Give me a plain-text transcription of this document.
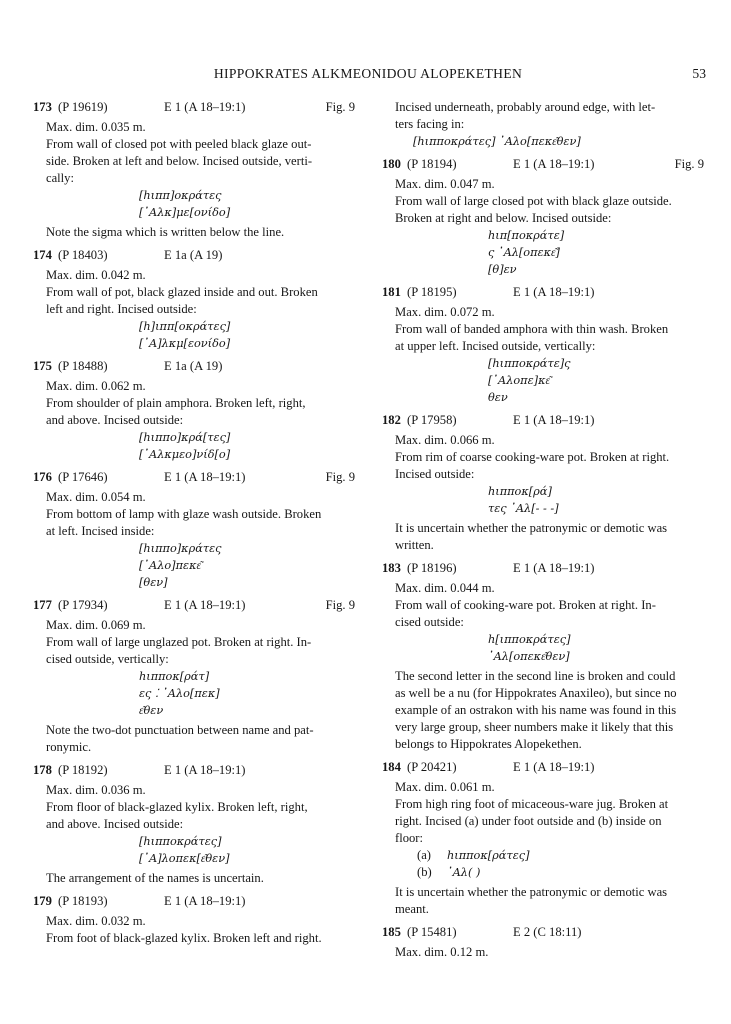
HIPPOKRATES ALKMEONIDOU ALOPEKETHEN	53
173 (P 19619)	E 1 (A 18–19:1)	Fig. 9
Max. dim. 0.035 m.
From wall of closed pot with peeled black glaze out-
side. Broken at left and below. Incised outside, verti-
cally:
[hιππ]οκράτες
[᾿Αλκ]με[ονίδο]
Note the sigma which is written below the line.
174 (P 18403)	E 1a (A 19)
Max. dim. 0.042 m.
From wall of pot, black glazed inside and out. Broken
left and right. Incised outside:
[h]ιππ[οκράτες]
[᾿Α]λκμ[εονίδο]
175 (P 18488)	E 1a (A 19)
Max. dim. 0.062 m.
From shoulder of plain amphora. Broken left, right,
and above. Incised outside:
[hιππο]κρά[τες]
[᾿Αλκμεο]νίδ[ο]
176 (P 17646)	E 1 (A 18–19:1)	Fig. 9
Max. dim. 0.054 m.
From bottom of lamp with glaze wash outside. Broken
at left. Incised inside:
[hιππο]κράτες
[᾿Αλο]πεκε͂
[θεν]
177 (P 17934)	E 1 (A 18–19:1)	Fig. 9
Max. dim. 0.069 m.
From wall of large unglazed pot. Broken at right. In-
cised outside, vertically:
hιπποκ[ράτ]
ες ⁚ ᾿Αλο[πεκ]
ε͂θεν
Note the two-dot punctuation between name and pat-
ronymic.
178 (P 18192)	E 1 (A 18–19:1)
Max. dim. 0.036 m.
From floor of black-glazed kylix. Broken left, right,
and above. Incised outside:
[hιπποκράτες]
[᾿Α]λοπεκ[ε͂θεν]
The arrangement of the names is uncertain.
179 (P 18193)	E 1 (A 18–19:1)
Max. dim. 0.032 m.
From foot of black-glazed kylix. Broken left and right.
Incised underneath, probably around edge, with let-
ters facing in:
[hιπποκράτες] ᾿Αλο[πεκε͂θεν]
180 (P 18194)	E 1 (A 18–19:1)	Fig. 9
Max. dim. 0.047 m.
From wall of large closed pot with black glaze outside.
Broken at right and below. Incised outside:
hιπ[ποκράτε]
ς ᾿Αλ[οπεκε͂]
[θ]εν
181 (P 18195)	E 1 (A 18–19:1)
Max. dim. 0.072 m.
From wall of banded amphora with thin wash. Broken
at upper left. Incised outside, vertically:
[hιπποκράτε]ς
[᾿Αλοπε]κε͂
θεν
182 (P 17958)	E 1 (A 18–19:1)
Max. dim. 0.066 m.
From rim of coarse cooking-ware pot. Broken at right.
Incised outside:
hιπποκ[ρά]
τες ᾿Αλ[- - -]
It is uncertain whether the patronymic or demotic was
written.
183 (P 18196)	E 1 (A 18–19:1)
Max. dim. 0.044 m.
From wall of cooking-ware pot. Broken at right. In-
cised outside:
h[ιπποκράτες]
᾿Αλ[οπεκε͂θεν]
The second letter in the second line is broken and could
as well be a nu (for Hippokrates Anaxileo), but since no
example of an ostrakon with his name was found in this
very large group, sheer numbers make it likely that this
belongs to Hippokrates Alopekethen.
184 (P 20421)	E 1 (A 18–19:1)
Max. dim. 0.061 m.
From high ring foot of micaceous-ware jug. Broken at
right. Incised (a) under foot outside and (b) inside on
floor:
(a) hιπποκ[ράτες]
(b) ᾿Αλ( )
It is uncertain whether the patronymic or demotic was
meant.
185 (P 15481)	E 2 (C 18:11)
Max. dim. 0.12 m.
